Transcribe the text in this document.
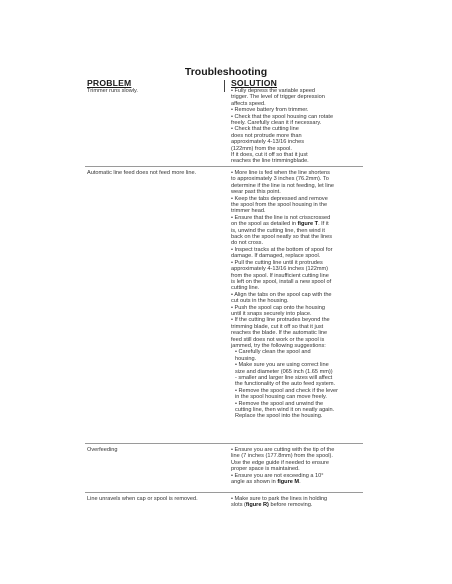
Troubleshooting
PROBLEM	SOLUTION
Trimmer runs slowly.	• Fully depress the variable speed
trigger. The level of trigger depression
affects speed.

• Remove battery from trimmer.

• Check that the spool housing can rotate
freely. Carefully clean it if necessary.

• Check that the cutting line
does not protrude more than
approximately 4-13/16 inches
(122mm) from the spool.
If it does, cut it off so that it just
reaches the line trimmingblade.

Automatic line feed does not feed more line.	• More line is fed when the line shortens
to approximately 3 inches (76.2mm). To
determine if the line is not feeding, let line
wear past this point.

• Keep the tabs depressed and remove
the spool from the spool housing in the
trimmer head.

• Ensure that the line is not crisscrossed
on the spool as detailed in figure T. If it
is, unwind the cutting line, then wind it
back on the spool neatly so that the lines
do not cross.

• Inspect tracks at the bottom of spool for
damage. If damaged, replace spool.

• Pull the cutting line until it protrudes
approximately 4-13/16 inches (122mm)
from the spool. If insufficient cutting line
is left on the spool, install a new spool of
cutting line.

• Align the tabs on the spool cap with the
cut outs in the housing.

• Push the spool cap onto the housing
until it snaps securely into place.

• If the cutting line protrudes beyond the
trimming blade, cut it off so that it just
reaches the blade. If the automatic line
feed still does not work or the spool is
jammed, try the following suggestions:

• Carefully clean the spool and
housing.

• Make sure you are using correct line
size and diameter (065 inch (1.65 mm))
- smaller and larger line sizes will affect
the functionality of the auto feed system.

• Remove the spool and check if the lever
in the spool housing can move freely.

• Remove the spool and unwind the
cutting line, then wind it on neatly again.
Replace the spool into the housing.

Overfeeding	• Ensure you are cutting with the tip of the
line (7 inches (177.8mm) from the spool).
Use the edge guide if needed to ensure
proper space is maintained.

• Ensure you are not exceeding a 10°
angle as shown in figure M.

Line unravels when cap or spool is removed.	• Make sure to park the lines in holding
slots (figure R) before removing.
